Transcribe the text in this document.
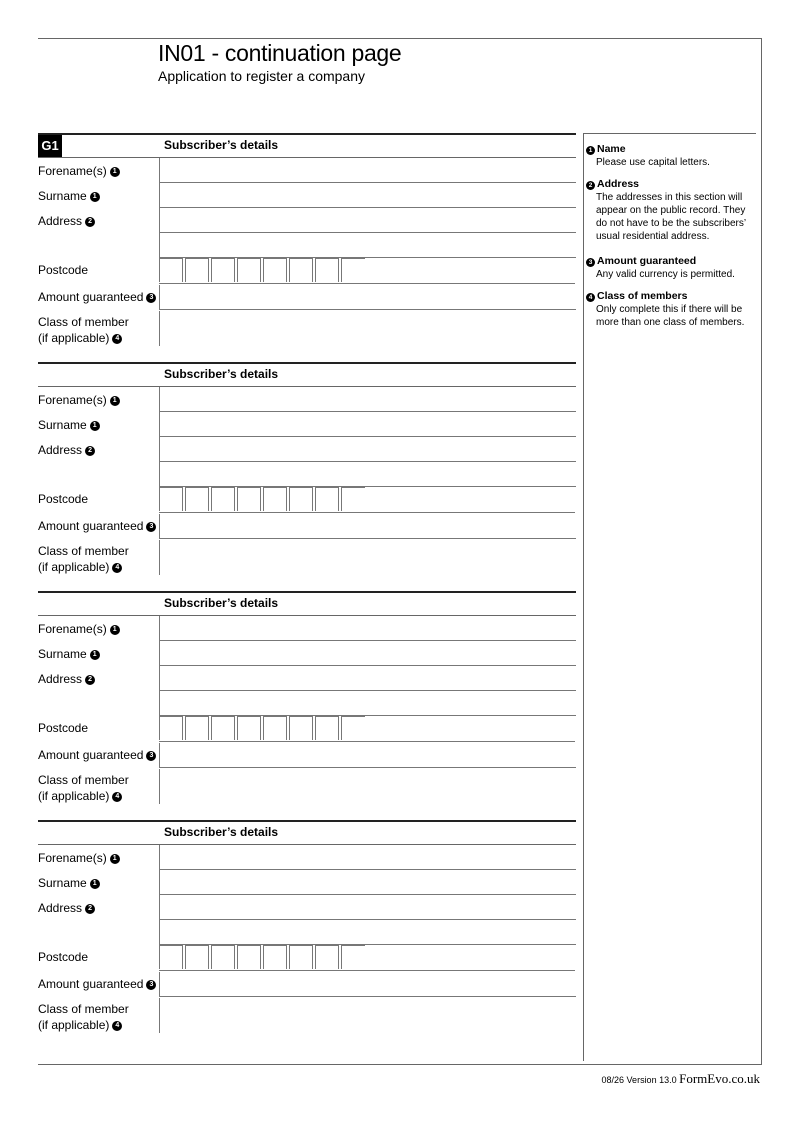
IN01 - continuation page
Application to register a company
G1	1 Name
Please use capital letters.
2 Address
The addresses in this section will appear on the public record. They do not have to be the subscribers’ usual residential address.
3 Amount guaranteed
Any valid currency is permitted.
4 Class of members
Only complete this if there will be more than one class of members.
Subscriber’s details
Forename(s) 1
Surname 1
Address 2
Postcode
Amount guaranteed 3
Class of member
(if applicable) 4
Subscriber’s details
Forename(s) 1
Surname 1
Address 2
Postcode
Amount guaranteed 3
Class of member
(if applicable) 4
Subscriber’s details
Forename(s) 1
Surname 1
Address 2
Postcode
Amount guaranteed 3
Class of member
(if applicable) 4
Subscriber’s details
Forename(s) 1
Surname 1
Address 2
Postcode
Amount guaranteed 3
Class of member
(if applicable) 4
08/26 Version 13.0 FormEvo.co.uk
